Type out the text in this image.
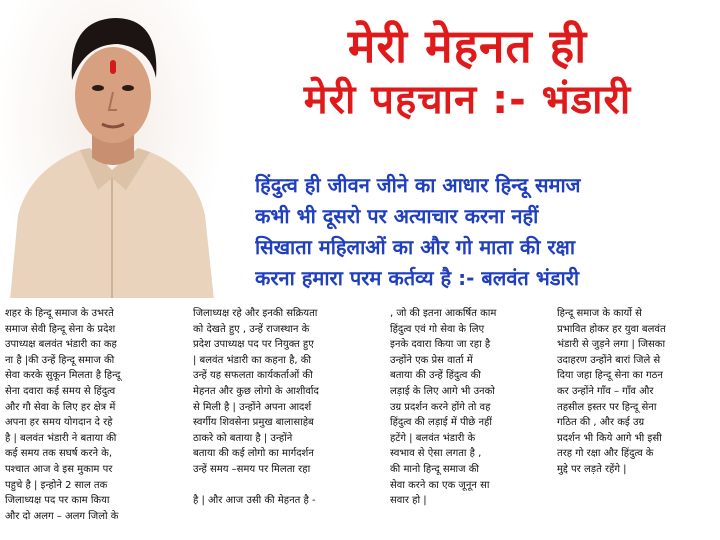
मेरी मेहनत ही
मेरी पहचान :- भंडारी
हिंदुत्व ही जीवन जीने का आधार हिन्दू समाज
कभी भी दूसरो पर अत्याचार करना नहीं
सिखाता महिलाओं का और गो माता की रक्षा
करना हमारा परम कर्तव्य है :- बलवंत भंडारी
शहर के हिन्दू समाज के उभरते
समाज सेवी हिन्दू सेना के प्रदेश
उपाध्यक्ष बलवंत भंडारी का कह
ना है |की उन्हें हिन्दू समाज की
सेवा करके सुकून मिलता है हिन्दू
सेना दवारा कई समय से हिंदुत्व
और गौ सेवा के लिए हर क्षेत्र में
अपना हर समय योगदान दे रहे
है | बलवंत भंडारी ने बताया की
कई समय तक सघर्ष करने के,
पश्चात आज वे इस मुकाम पर
पहुचे है | इन्होने 2 साल तक
जिलाध्यक्ष पद पर काम किया
और दो अलग – अलग जिलो के
जिलाध्यक्ष रहे और इनकी सक्रियता
को देखते हुए , उन्हें राजस्थान के
प्रदेश उपाध्यक्ष पद पर नियुक्त हुए
| बलवंत भंडारी का कहना है, की
उन्हें यह सफलता कार्यकर्ताओं की
मेहनत और कुछ लोगो के आशीर्वाद
से मिली है | उन्होंने अपना आदर्श
स्वर्गीय शिवसेना प्रमुख बालासाहेब
ठाकरे को बताया है | उन्होंने
बताया की कई लोगो का मार्गदर्शन
उन्हें समय –समय पर मिलता रहा

है | और आज उसी की मेहनत है -
, जो की इतना आकर्षित काम
हिंदुत्व एवं गो सेवा के लिए
इनके दवारा किया जा रहा है
उन्होंने एक प्रेस वार्ता में
बताया की उन्हें हिंदुत्व की
लड़ाई के लिए आगे भी उनको
उग्र प्रदर्शन करने होंगे तो वह
हिंदुत्व की लड़ाई में पीछे नहीं
हटेंगे | बलवंत भंडारी के
स्वभाव से ऐसा लगता है ,
की मानो हिन्दू समाज की
सेवा करने का एक जूनून सा
सवार हो |
हिन्दू समाज के कार्यो से
प्रभावित होकर हर युवा बलवंत
भंडारी से जुड़ने लगा | जिसका
उदाहरण उन्होंने बारां जिले से
दिया जहा हिन्दू सेना का गठन
कर उन्होंने गाँव – गाँव और
तहसील इस्तर पर हिन्दू सेना
गठित की , और कई उग्र
प्रदर्शन भी किये आगे भी इसी
तरह गो रक्षा और हिंदुत्व के
मुद्दे पर लड़ते रहेंगे |
